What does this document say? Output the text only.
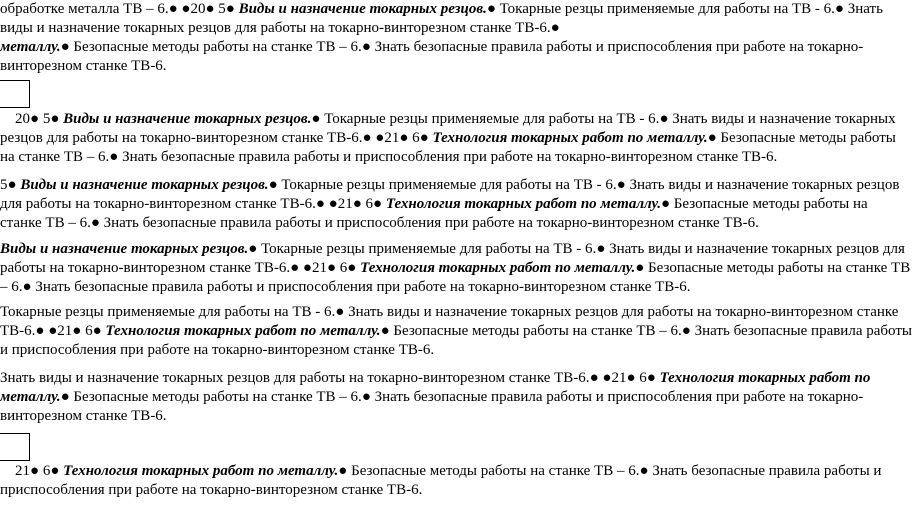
обработке металла ТВ – 6.● ●20● 5● Виды и назначение токарных резцов.● Токарные резцы применяемые для работы на ТВ - 6.● Знать
виды и назначение токарных резцов для работы на токарно-винторезном станке ТВ-6.●
металлу.● Безопасные методы работы на станке ТВ – 6.● Знать безопасные правила работы и приспособления при работе на токарно-
винторезном станке ТВ-6.
20● 5● Виды и назначение токарных резцов.● Токарные резцы применяемые для работы на ТВ - 6.● Знать виды и назначение токарных
резцов для работы на токарно-винторезном станке ТВ-6.● ●21● 6● Технология токарных работ по металлу.● Безопасные методы работы
на станке ТВ – 6.● Знать безопасные правила работы и приспособления при работе на токарно-винторезном станке ТВ-6.
5● Виды и назначение токарных резцов.● Токарные резцы применяемые для работы на ТВ - 6.● Знать виды и назначение токарных резцов
для работы на токарно-винторезном станке ТВ-6.● ●21● 6● Технология токарных работ по металлу.● Безопасные методы работы на
станке ТВ – 6.● Знать безопасные правила работы и приспособления при работе на токарно-винторезном станке ТВ-6.
Виды и назначение токарных резцов.● Токарные резцы применяемые для работы на ТВ - 6.● Знать виды и назначение токарных резцов для
работы на токарно-винторезном станке ТВ-6.● ●21● 6● Технология токарных работ по металлу.● Безопасные методы работы на станке ТВ
– 6.● Знать безопасные правила работы и приспособления при работе на токарно-винторезном станке ТВ-6.
Токарные резцы применяемые для работы на ТВ - 6.● Знать виды и назначение токарных резцов для работы на токарно-винторезном станке
ТВ-6.● ●21● 6● Технология токарных работ по металлу.● Безопасные методы работы на станке ТВ – 6.● Знать безопасные правила работы
и приспособления при работе на токарно-винторезном станке ТВ-6.
Знать виды и назначение токарных резцов для работы на токарно-винторезном станке ТВ-6.● ●21● 6● Технология токарных работ по
металлу.● Безопасные методы работы на станке ТВ – 6.● Знать безопасные правила работы и приспособления при работе на токарно-
винторезном станке ТВ-6.
21● 6● Технология токарных работ по металлу.● Безопасные методы работы на станке ТВ – 6.● Знать безопасные правила работы и
приспособления при работе на токарно-винторезном станке ТВ-6.
